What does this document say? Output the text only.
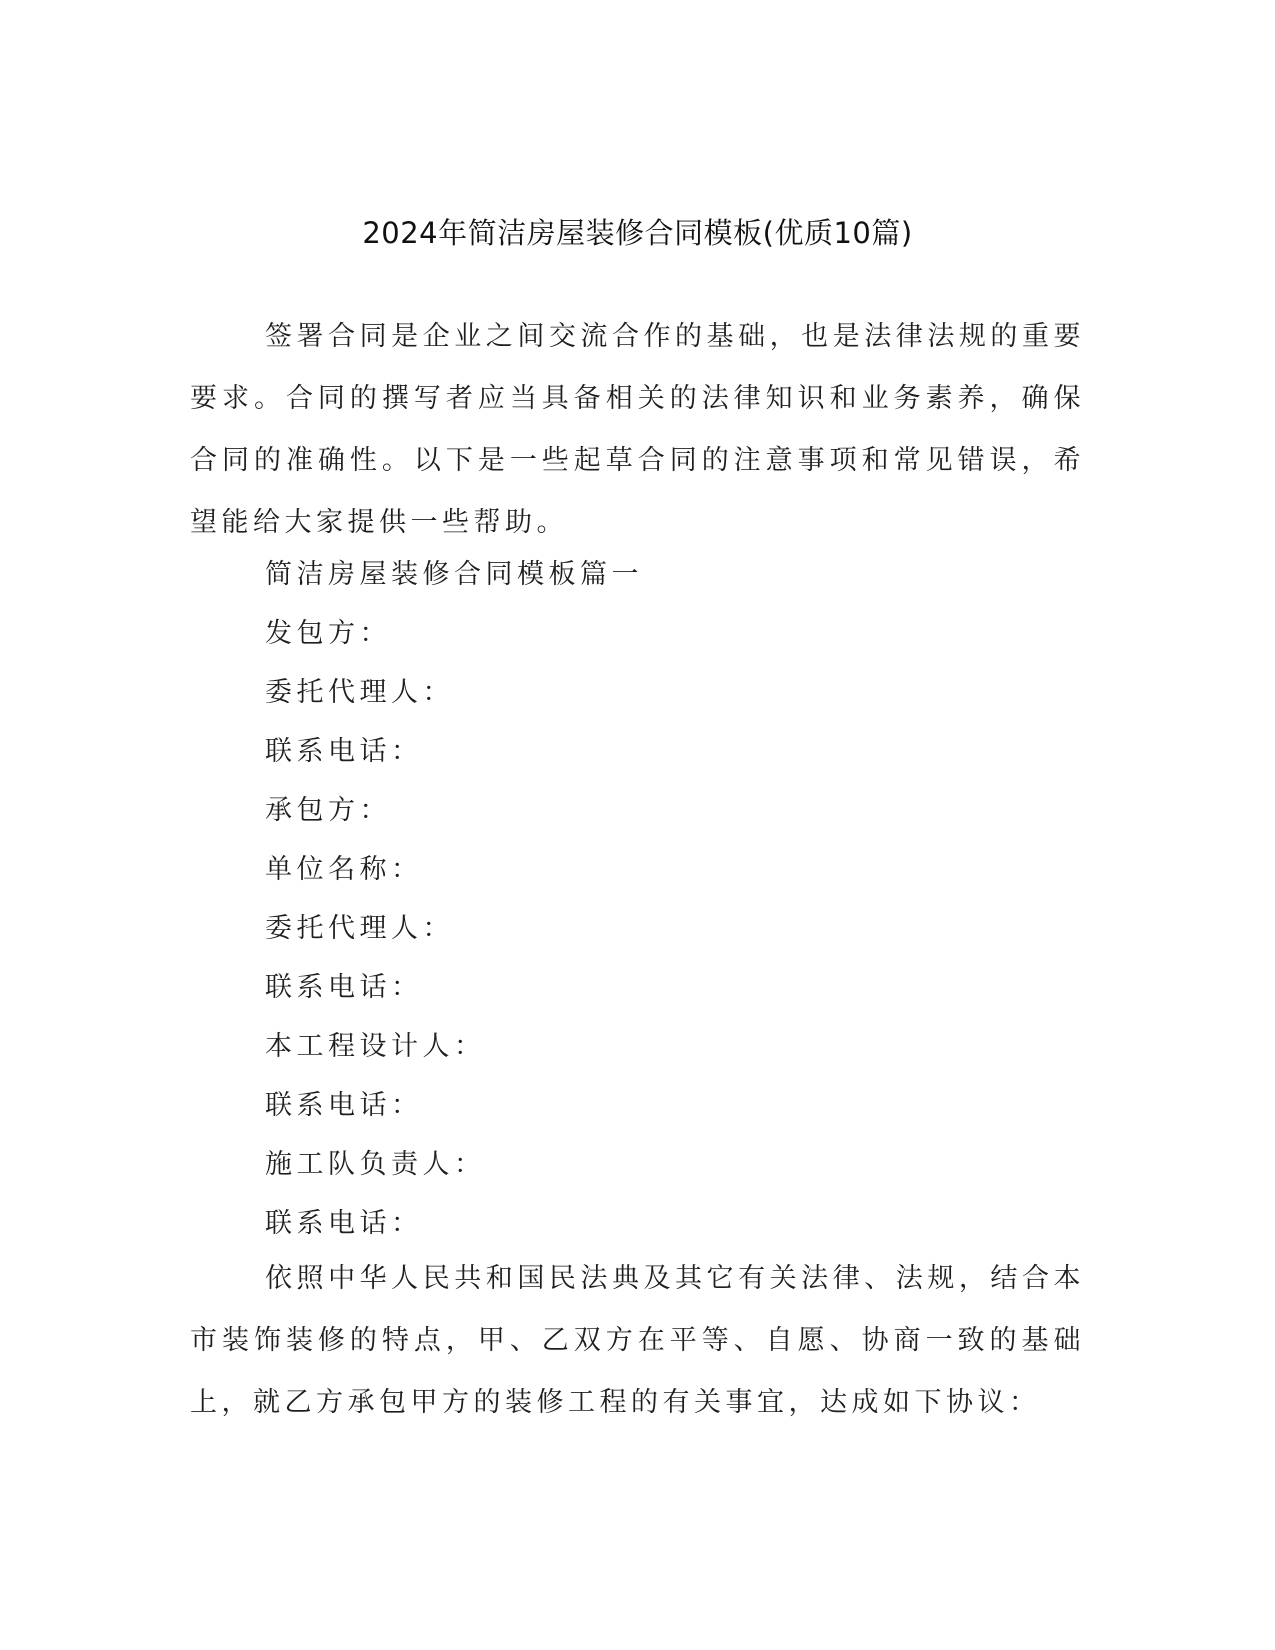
2024年简洁房屋装修合同模板(优质10篇)

签署合同是企业之间交流合作的基础，也是法律法规的重要要求。合同的撰写者应当具备相关的法律知识和业务素养，确保合同的准确性。以下是一些起草合同的注意事项和常见错误，希望能给大家提供一些帮助。

简洁房屋装修合同模板篇一

发包方：

委托代理人：

联系电话：

承包方：

单位名称：

委托代理人：

联系电话：

本工程设计人：

联系电话：

施工队负责人：

联系电话：

依照中华人民共和国民法典及其它有关法律、法规，结合本市装饰装修的特点，甲、乙双方在平等、自愿、协商一致的基础上，就乙方承包甲方的装修工程的有关事宜，达成如下协议：
